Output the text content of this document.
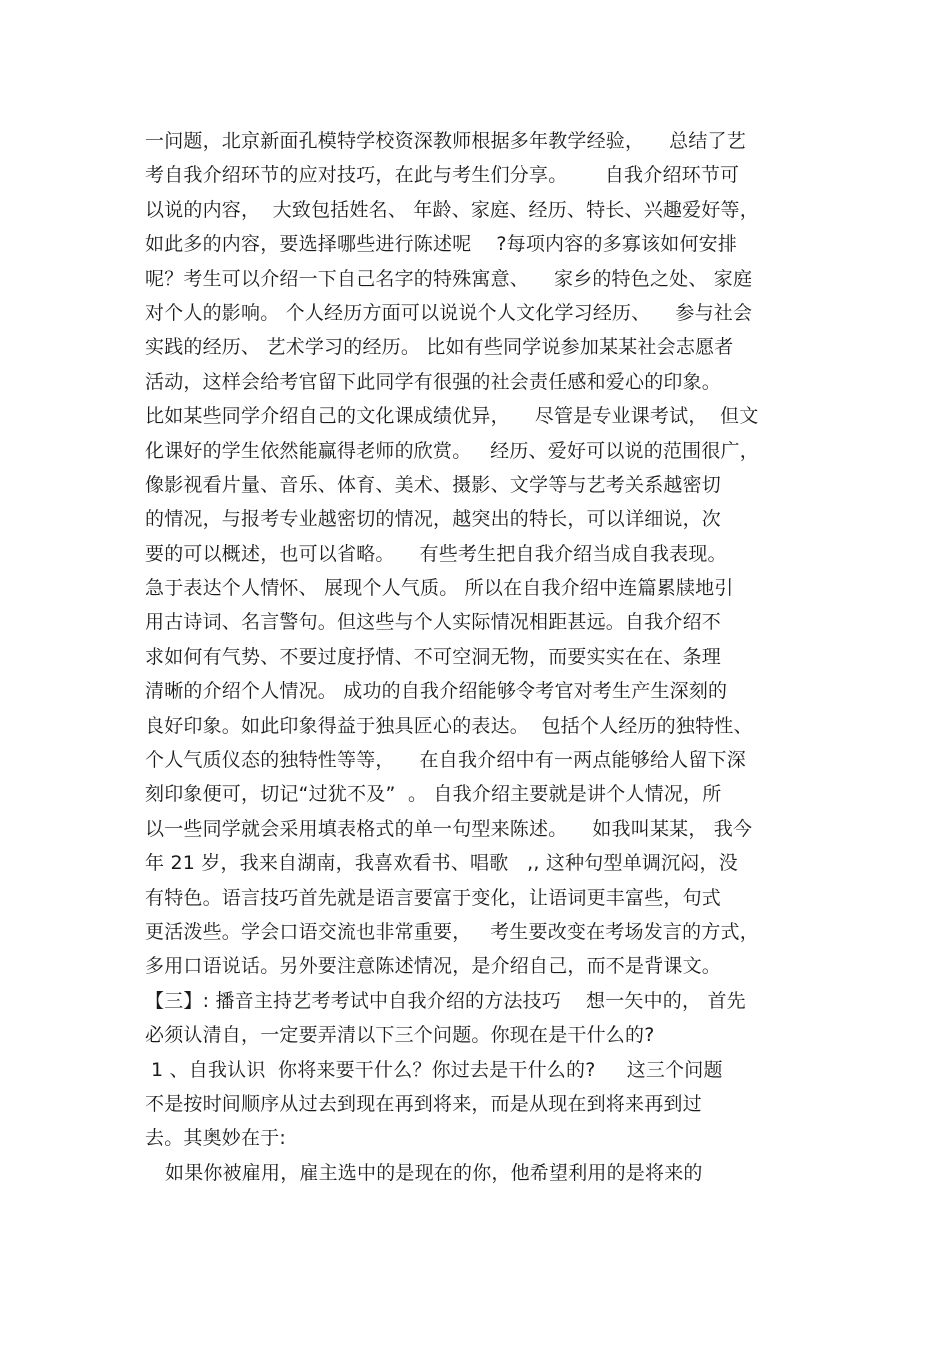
一问题，北京新面孔模特学校资深教师根据多年教学经验，    总结了艺
考自我介绍环节的应对技巧，在此与考生们分享。      自我介绍环节可
以说的内容，  大致包括姓名、 年龄、家庭、经历、特长、兴趣爱好等，
如此多的内容，要选择哪些进行陈述呢    ?每项内容的多寡该如何安排
呢？考生可以介绍一下自己名字的特殊寓意、    家乡的特色之处、 家庭
对个人的影响。 个人经历方面可以说说个人文化学习经历、    参与社会
实践的经历、 艺术学习的经历。 比如有些同学说参加某某社会志愿者
活动，这样会给考官留下此同学有很强的社会责任感和爱心的印象。
比如某些同学介绍自己的文化课成绩优异，    尽管是专业课考试，  但文
化课好的学生依然能赢得老师的欣赏。   经历、爱好可以说的范围很广，
像影视看片量、音乐、体育、美术、摄影、文学等与艺考关系越密切
的情况，与报考专业越密切的情况，越突出的特长，可以详细说，次
要的可以概述，也可以省略。    有些考生把自我介绍当成自我表现。
急于表达个人情怀、 展现个人气质。 所以在自我介绍中连篇累牍地引
用古诗词、名言警句。但这些与个人实际情况相距甚远。自我介绍不
求如何有气势、不要过度抒情、不可空洞无物，而要实实在在、条理
清晰的介绍个人情况。 成功的自我介绍能够令考官对考生产生深刻的
良好印象。如此印象得益于独具匠心的表达。  包括个人经历的独特性、
个人气质仪态的独特性等等，    在自我介绍中有一两点能够给人留下深
刻印象便可，切记“过犹不及”  。 自我介绍主要就是讲个人情况，所
以一些同学就会采用填表格式的单一句型来陈述。    如我叫某某， 我今
年 21 岁，我来自湖南，我喜欢看书、唱歌   ,, 这种句型单调沉闷，没
有特色。语言技巧首先就是语言要富于变化，让语词更丰富些，句式
更活泼些。学会口语交流也非常重要，   考生要改变在考场发言的方式，
多用口语说话。另外要注意陈述情况，是介绍自己，而不是背课文。
【三】: 播音主持艺考考试中自我介绍的方法技巧    想一矢中的， 首先
必须认清自，一定要弄清以下三个问题。你现在是干什么的?
1 、自我认识  你将来要干什么？你过去是干什么的?     这三个问题
不是按时间顺序从过去到现在再到将来，而是从现在到将来再到过
去。其奥妙在于:
如果你被雇用，雇主选中的是现在的你，他希望利用的是将来的
